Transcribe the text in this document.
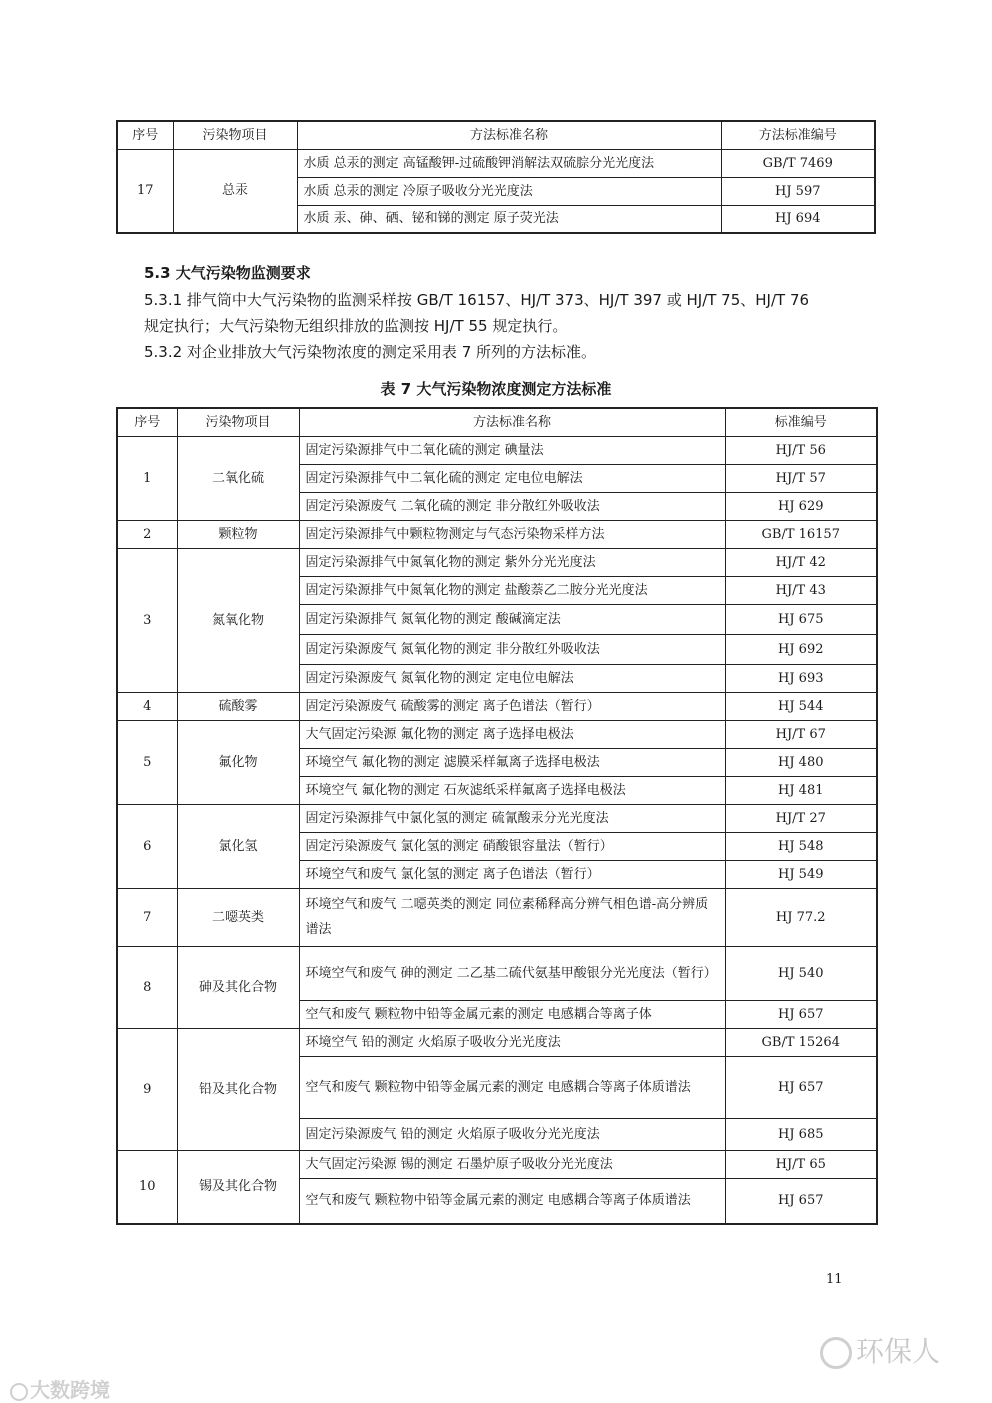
序号	污染物项目	方法标准名称	方法标准编号
17	总汞	水质 总汞的测定 高锰酸钾-过硫酸钾消解法双硫腙分光光度法	GB/T 7469
		水质 总汞的测定 冷原子吸收分光光度法	HJ 597
		水质 汞、砷、硒、铋和锑的测定 原子荧光法	HJ 694

5.3 大气污染物监测要求

5.3.1 排气筒中大气污染物的监测采样按 GB/T 16157、HJ/T 373、HJ/T 397 或 HJ/T 75、HJ/T 76

规定执行；大气污染物无组织排放的监测按 HJ/T 55 规定执行。

5.3.2 对企业排放大气污染物浓度的测定采用表 7 所列的方法标准。

表 7 大气污染物浓度测定方法标准
序号	污染物项目	方法标准名称	标准编号
1	二氧化硫	固定污染源排气中二氧化硫的测定 碘量法	HJ/T 56
		固定污染源排气中二氧化硫的测定 定电位电解法	HJ/T 57
		固定污染源废气 二氧化硫的测定 非分散红外吸收法	HJ 629
2	颗粒物	固定污染源排气中颗粒物测定与气态污染物采样方法	GB/T 16157
3	氮氧化物	固定污染源排气中氮氧化物的测定 紫外分光光度法	HJ/T 42
		固定污染源排气中氮氧化物的测定 盐酸萘乙二胺分光光度法	HJ/T 43
		固定污染源排气 氮氧化物的测定 酸碱滴定法	HJ 675
		固定污染源废气 氮氧化物的测定 非分散红外吸收法	HJ 692
		固定污染源废气 氮氧化物的测定 定电位电解法	HJ 693
4	硫酸雾	固定污染源废气 硫酸雾的测定 离子色谱法（暂行）	HJ 544
5	氟化物	大气固定污染源 氟化物的测定 离子选择电极法	HJ/T 67
		环境空气 氟化物的测定 滤膜采样氟离子选择电极法	HJ 480
		环境空气 氟化物的测定 石灰滤纸采样氟离子选择电极法	HJ 481
6	氯化氢	固定污染源排气中氯化氢的测定 硫氰酸汞分光光度法	HJ/T 27
		固定污染源废气 氯化氢的测定 硝酸银容量法（暂行）	HJ 548
		环境空气和废气 氯化氢的测定 离子色谱法（暂行）	HJ 549
7	二噁英类	环境空气和废气 二噁英类的测定 同位素稀释高分辨气相色谱-高分辨质谱法	HJ 77.2
8	砷及其化合物	环境空气和废气 砷的测定 二乙基二硫代氨基甲酸银分光光度法（暂行）	HJ 540
		空气和废气 颗粒物中铅等金属元素的测定 电感耦合等离子体	HJ 657
9	铅及其化合物	环境空气 铅的测定 火焰原子吸收分光光度法	GB/T 15264
		空气和废气 颗粒物中铅等金属元素的测定 电感耦合等离子体质谱法	HJ 657
		固定污染源废气 铅的测定 火焰原子吸收分光光度法	HJ 685
10	锡及其化合物	大气固定污染源 锡的测定 石墨炉原子吸收分光光度法	HJ/T 65
		空气和废气 颗粒物中铅等金属元素的测定 电感耦合等离子体质谱法	HJ 657
11
环保人
大数跨境
